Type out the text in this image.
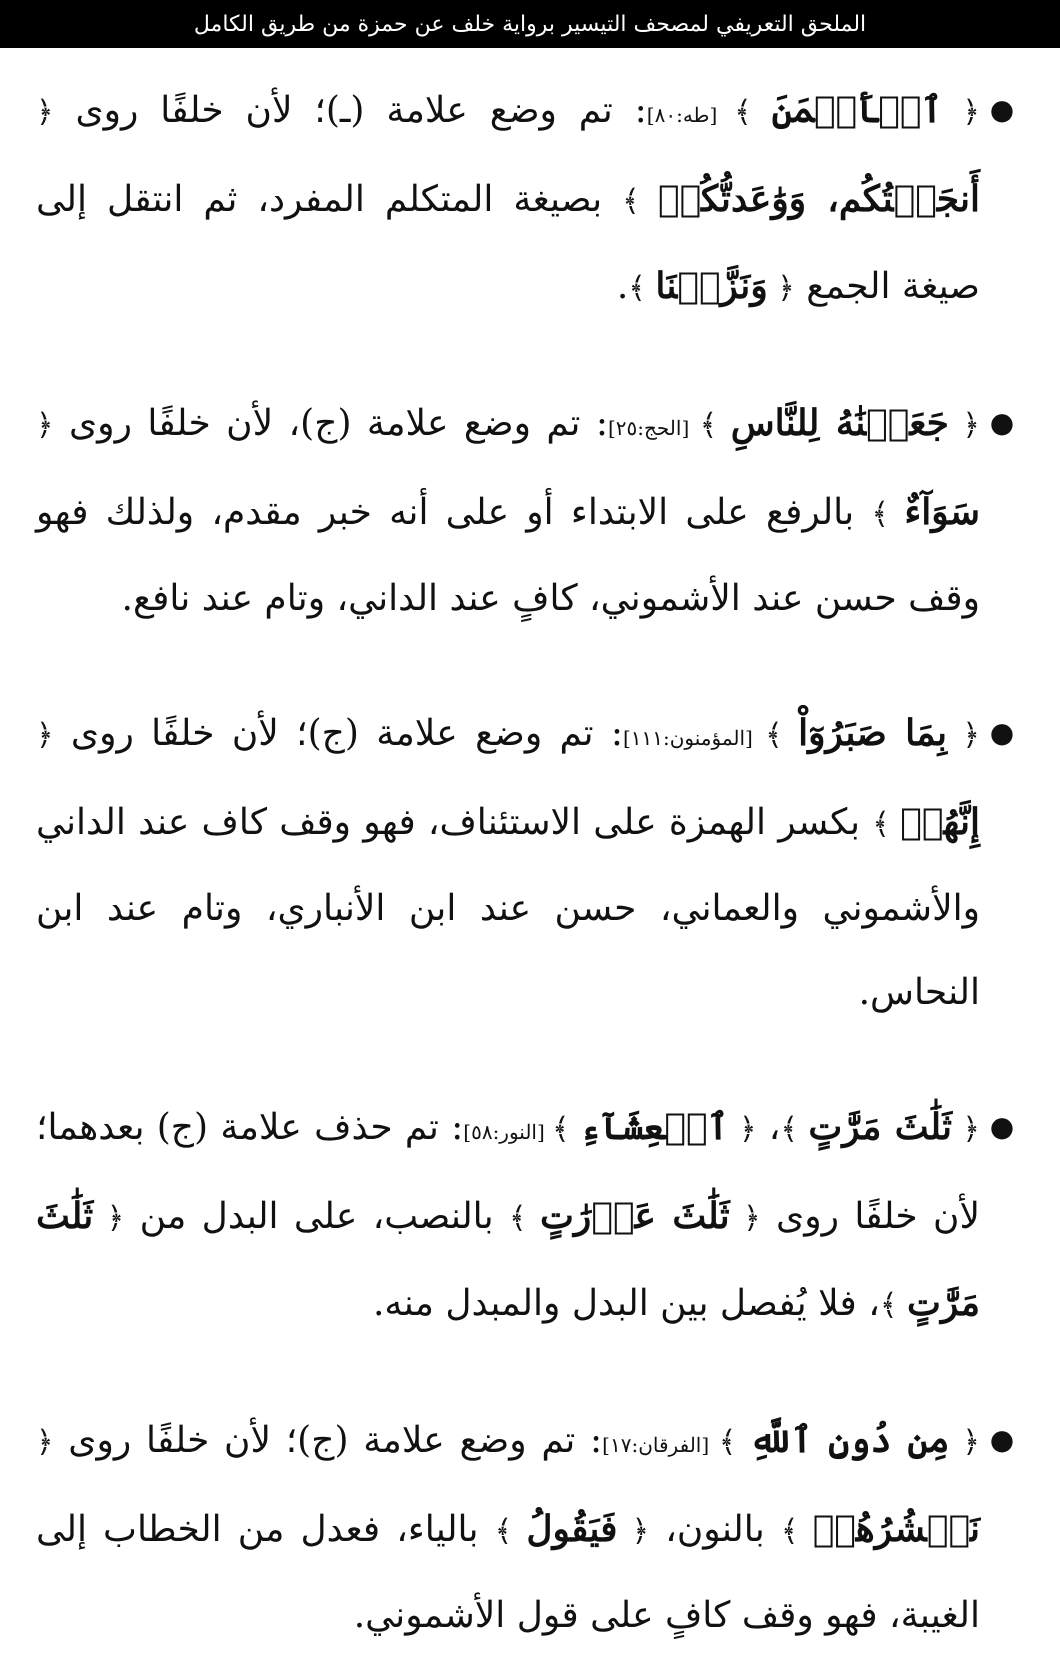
الملحق التعريفي لمصحف التيسير برواية خلف عن حمزة من طريق الكامل
●

﴿ ٱلۡأَيۡمَنَ ﴾ [طه:٨٠]: تم وضع علامة (ـ)؛ لأن خلفًا روى ﴿ أَنجَيۡتُكُم، وَوَٰعَدتُّكُمۡ ﴾ بصيغة المتكلم المفرد، ثم انتقل إلى صيغة الجمع ﴿ وَنَزَّلۡنَا ﴾.

●

﴿ جَعَلۡنَٰهُ لِلنَّاسِ ﴾ [الحج:٢٥]: تم وضع علامة (ج)، لأن خلفًا روى ﴿ سَوَآءٌ ﴾ بالرفع على الابتداء أو على أنه خبر مقدم، ولذلك فهو وقف حسن عند الأشموني، كافٍ عند الداني، وتام عند نافع.

●

﴿ بِمَا صَبَرُوٓاْ ﴾ [المؤمنون:١١١]: تم وضع علامة (ج)؛ لأن خلفًا روى ﴿ إِنَّهُمۡ ﴾ بكسر الهمزة على الاستئناف، فهو وقف كاف عند الداني والأشموني والعماني، حسن عند ابن الأنباري، وتام عند ابن النحاس.

●

﴿ ثَلَٰثَ مَرَّٰتٍ ﴾، ﴿ ٱلۡعِشَآءِ ﴾ [النور:٥٨]: تم حذف علامة (ج) بعدهما؛ لأن خلفًا روى ﴿ ثَلَٰثَ عَوۡرَٰتٍ ﴾ بالنصب، على البدل من ﴿ ثَلَٰثَ مَرَّٰتٍ ﴾، فلا يُفصل بين البدل والمبدل منه.

●

﴿ مِن دُونِ ٱللَّهِ ﴾ [الفرقان:١٧]: تم وضع علامة (ج)؛ لأن خلفًا روى ﴿ نَحۡشُرُهُمۡ ﴾ بالنون، ﴿ فَيَقُولُ ﴾ بالياء، فعدل من الخطاب إلى الغيبة، فهو وقف كافٍ على قول الأشموني.
